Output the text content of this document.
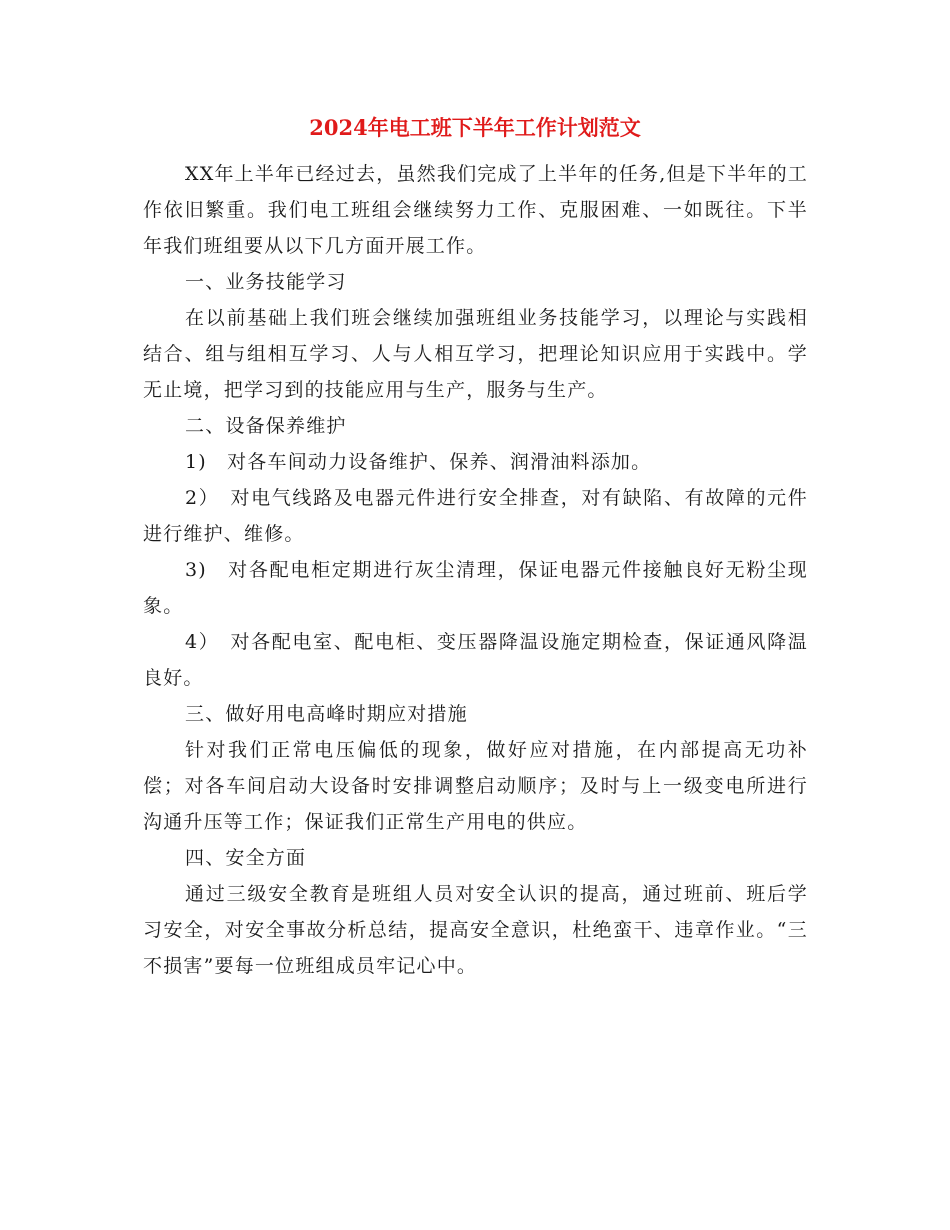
2024年电工班下半年工作计划范文

XX年上半年已经过去，虽然我们完成了上半年的任务,但是下半年的工作依旧繁重。我们电工班组会继续努力工作、克服困难、一如既往。下半年我们班组要从以下几方面开展工作。

一、业务技能学习

在以前基础上我们班会继续加强班组业务技能学习，以理论与实践相结合、组与组相互学习、人与人相互学习，把理论知识应用于实践中。学无止境，把学习到的技能应用与生产，服务与生产。

二、设备保养维护

1)　对各车间动力设备维护、保养、润滑油料添加。

2）　对电气线路及电器元件进行安全排查，对有缺陷、有故障的元件进行维护、维修。

3)　对各配电柜定期进行灰尘清理，保证电器元件接触良好无粉尘现象。

4）　对各配电室、配电柜、变压器降温设施定期检查，保证通风降温良好。

三、做好用电高峰时期应对措施

针对我们正常电压偏低的现象，做好应对措施，在内部提高无功补偿；对各车间启动大设备时安排调整启动顺序；及时与上一级变电所进行沟通升压等工作；保证我们正常生产用电的供应。

四、安全方面

通过三级安全教育是班组人员对安全认识的提高，通过班前、班后学习安全，对安全事故分析总结，提高安全意识，杜绝蛮干、违章作业。“三不损害”要每一位班组成员牢记心中。
